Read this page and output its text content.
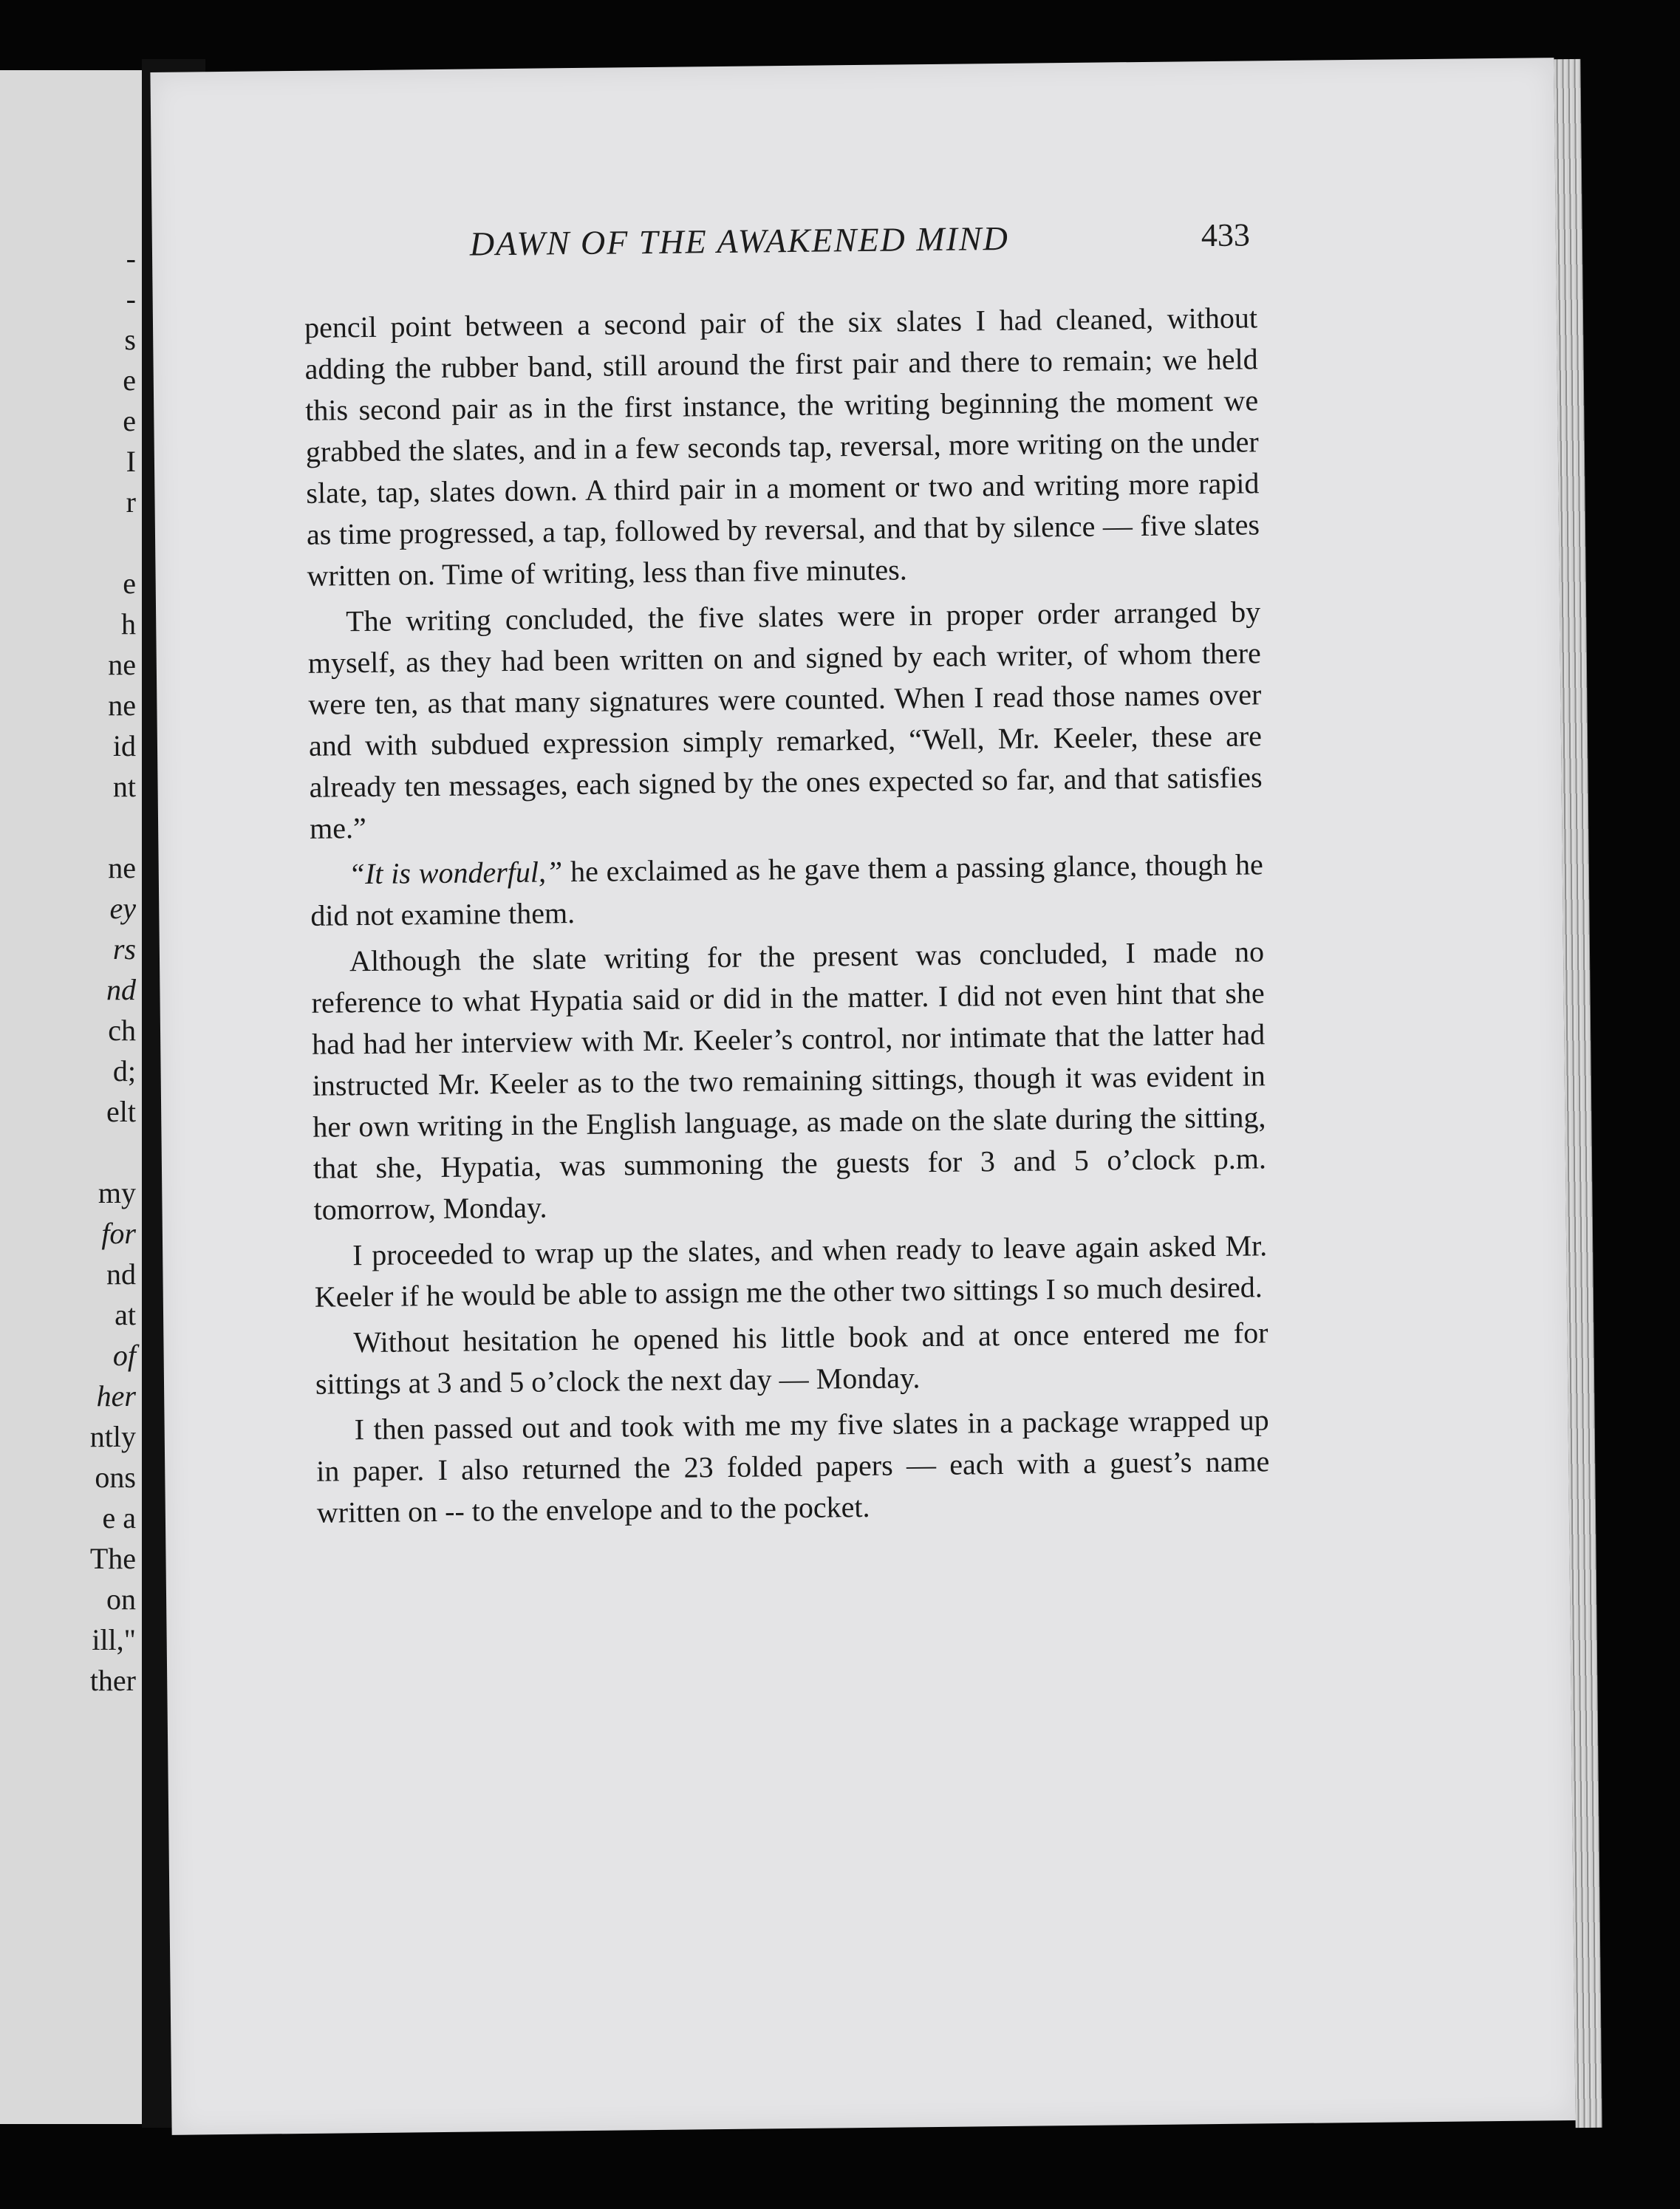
-
-
s
e
e
I
r
e
h
ne
ne
id
nt
ne
ey
rs
nd
ch
d;
elt
my
for
nd
at
of
her
ntly
ons
e a
The
on
ill,"
ther
DAWN OF THE AWAKENED MIND	433

pencil point between a second pair of the six slates I had cleaned, without adding the rubber band, still around the first pair and there to remain; we held this second pair as in the first instance, the writing beginning the moment we grabbed the slates, and in a few seconds tap, reversal, more writing on the under slate, tap, slates down. A third pair in a moment or two and writing more rapid as time progressed, a tap, followed by reversal, and that by silence — five slates written on. Time of writing, less than five minutes.

The writing concluded, the five slates were in proper order arranged by myself, as they had been written on and signed by each writer, of whom there were ten, as that many signatures were counted. When I read those names over and with subdued expression simply remarked, “Well, Mr. Keeler, these are already ten messages, each signed by the ones expected so far, and that satisfies me.”

“It is wonderful,” he exclaimed as he gave them a passing glance, though he did not examine them.

Although the slate writing for the present was concluded, I made no reference to what Hypatia said or did in the matter. I did not even hint that she had had her interview with Mr. Keeler’s control, nor intimate that the latter had instructed Mr. Keeler as to the two remaining sittings, though it was evident in her own writing in the English language, as made on the slate during the sitting, that she, Hypatia, was summoning the guests for 3 and 5 o’clock p.m. tomorrow, Monday.

I proceeded to wrap up the slates, and when ready to leave again asked Mr. Keeler if he would be able to assign me the other two sittings I so much desired.

Without hesitation he opened his little book and at once entered me for sittings at 3 and 5 o’clock the next day — Monday.

I then passed out and took with me my five slates in a package wrapped up in paper. I also returned the 23 folded papers — each with a guest’s name written on -- to the envelope and to the pocket.
